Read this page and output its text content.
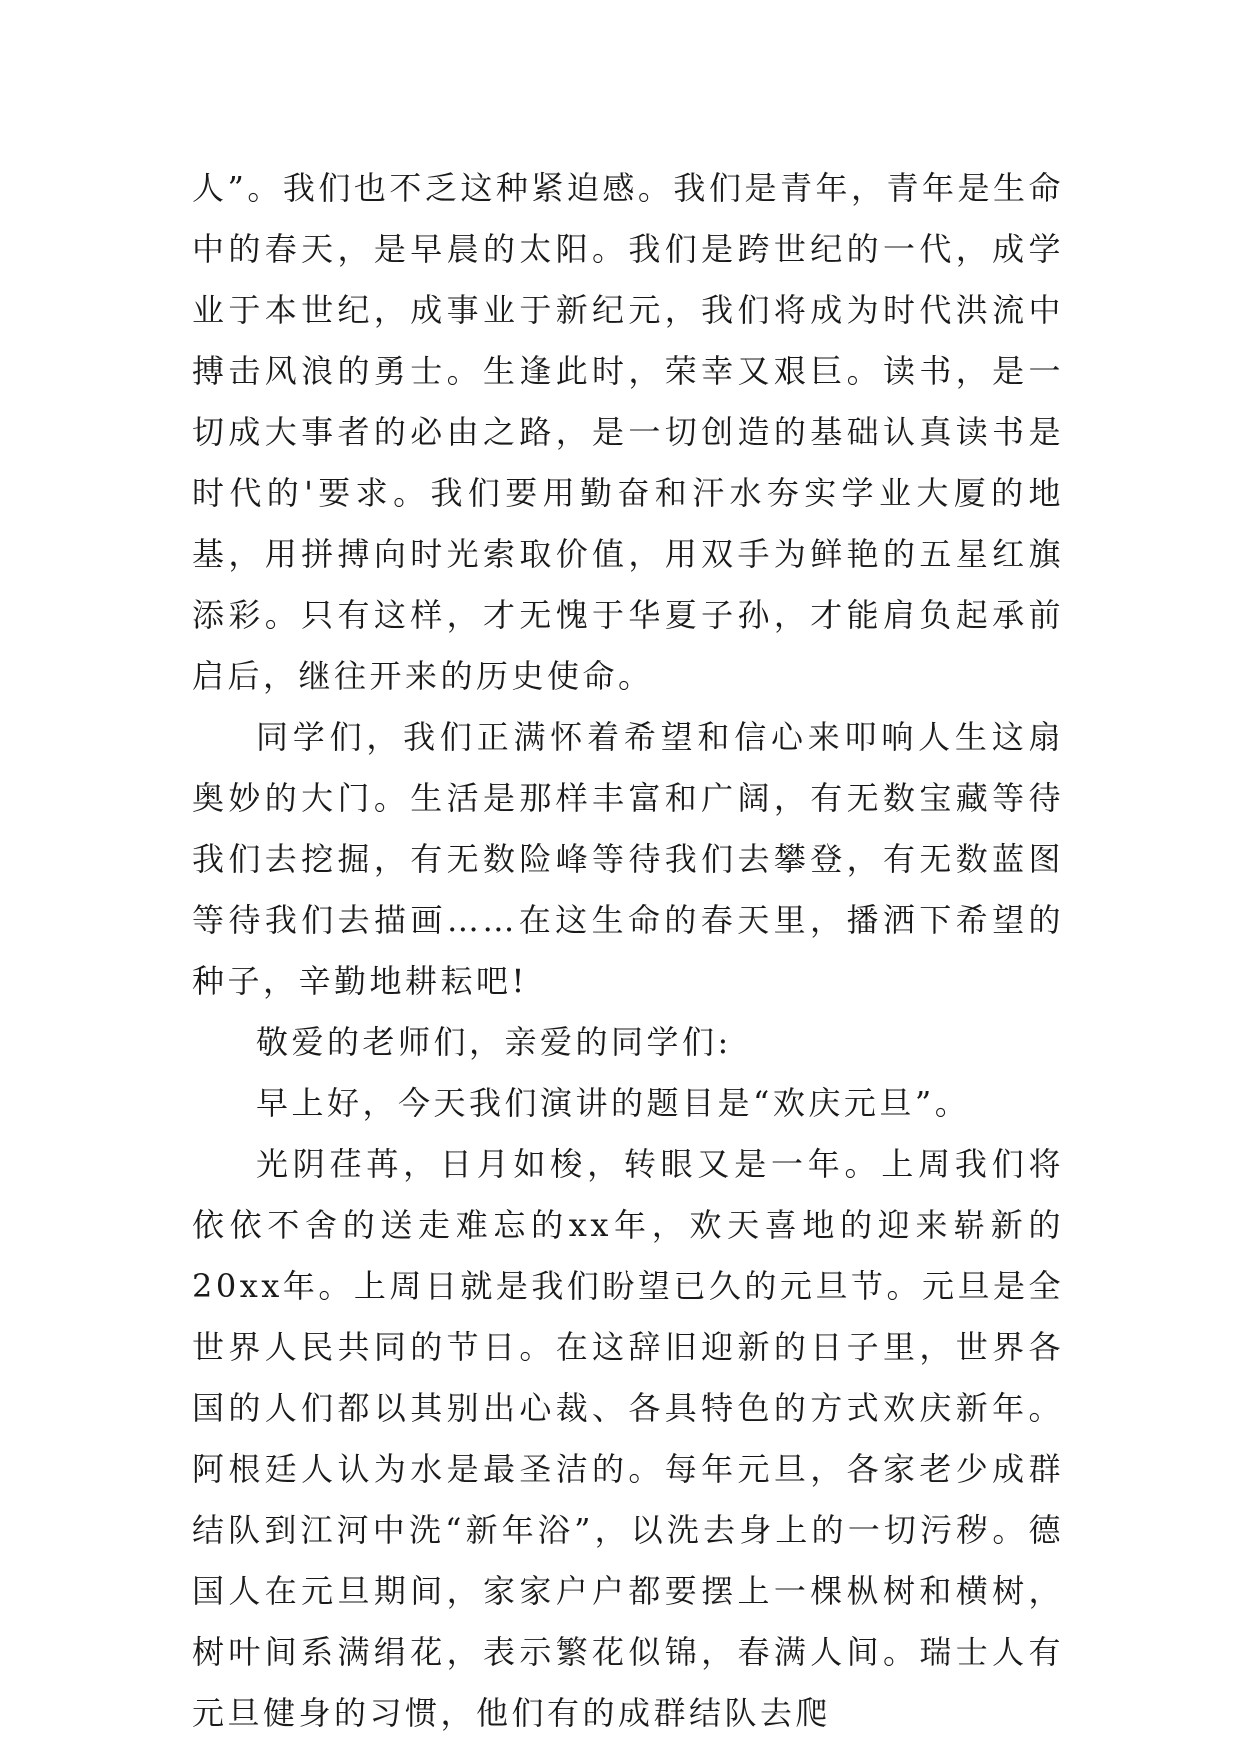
人”。我们也不乏这种紧迫感。我们是青年，青年是生命中的春天，是早晨的太阳。我们是跨世纪的一代，成学业于本世纪，成事业于新纪元，我们将成为时代洪流中搏击风浪的勇士。生逢此时，荣幸又艰巨。读书，是一切成大事者的必由之路，是一切创造的基础认真读书是时代的'要求。我们要用勤奋和汗水夯实学业大厦的地基，用拼搏向时光索取价值，用双手为鲜艳的五星红旗添彩。只有这样，才无愧于华夏子孙，才能肩负起承前启后，继往开来的历史使命。

同学们，我们正满怀着希望和信心来叩响人生这扇奥妙的大门。生活是那样丰富和广阔，有无数宝藏等待我们去挖掘，有无数险峰等待我们去攀登，有无数蓝图等待我们去描画……在这生命的春天里，播洒下希望的种子，辛勤地耕耘吧!

敬爱的老师们，亲爱的同学们:

早上好，今天我们演讲的题目是“欢庆元旦”。

光阴荏苒，日月如梭，转眼又是一年。上周我们将依依不舍的送走难忘的xx年，欢天喜地的迎来崭新的20xx年。上周日就是我们盼望已久的元旦节。元旦是全世界人民共同的节日。在这辞旧迎新的日子里，世界各国的人们都以其别出心裁、各具特色的方式欢庆新年。阿根廷人认为水是最圣洁的。每年元旦，各家老少成群结队到江河中洗“新年浴”，以洗去身上的一切污秽。德国人在元旦期间，家家户户都要摆上一棵枞树和横树，树叶间系满绢花，表示繁花似锦，春满人间。瑞士人有元旦健身的习惯，他们有的成群结队去爬
